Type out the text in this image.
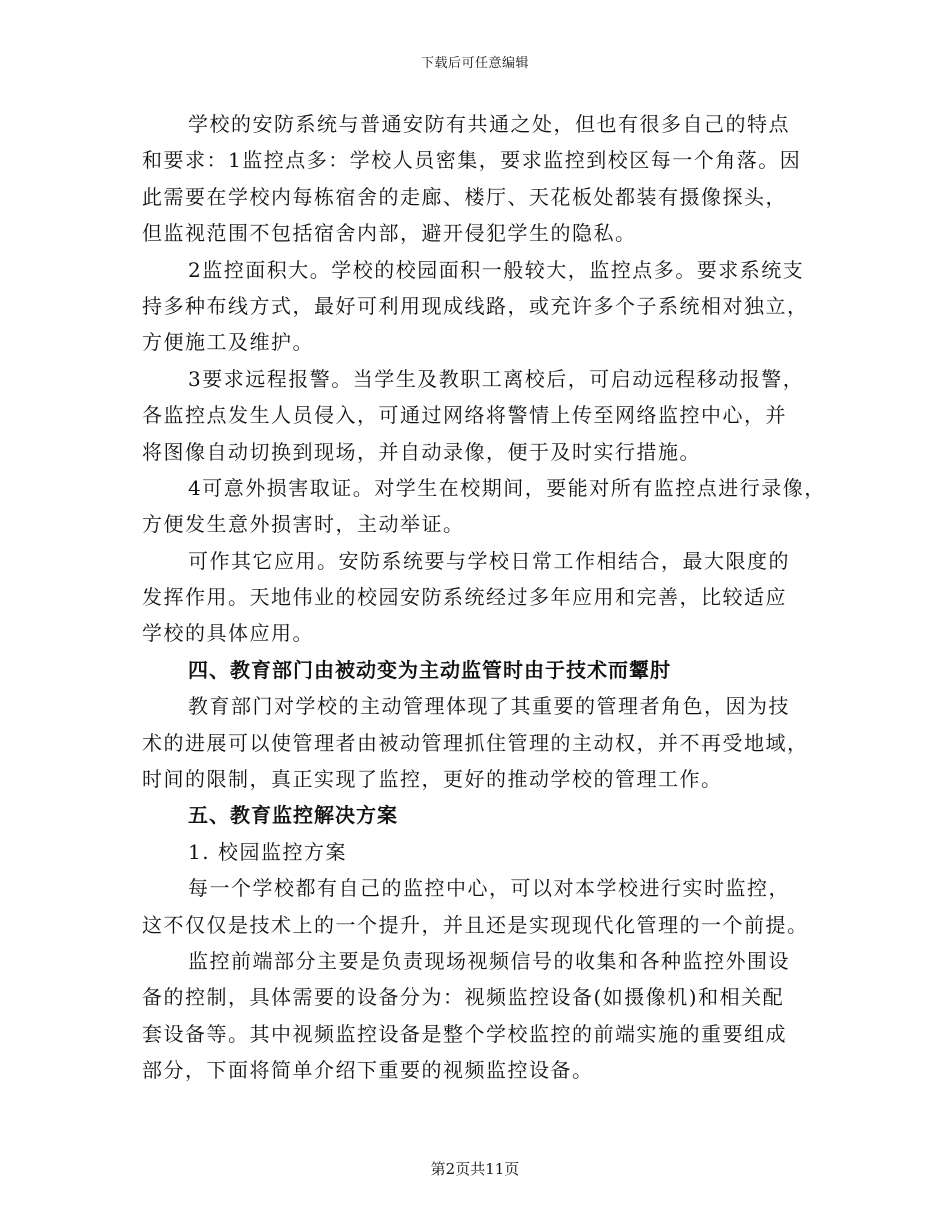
下载后可任意编辑
学校的安防系统与普通安防有共通之处，但也有很多自己的特点
和要求：1监控点多：学校人员密集，要求监控到校区每一个角落。因
此需要在学校内每栋宿舍的走廊、楼厅、天花板处都装有摄像探头，
但监视范围不包括宿舍内部，避开侵犯学生的隐私。
2监控面积大。学校的校园面积一般较大，监控点多。要求系统支
持多种布线方式，最好可利用现成线路，或充许多个子系统相对独立，
方便施工及维护。
3要求远程报警。当学生及教职工离校后，可启动远程移动报警，
各监控点发生人员侵入，可通过网络将警情上传至网络监控中心，并
将图像自动切换到现场，并自动录像，便于及时实行措施。
4可意外损害取证。对学生在校期间，要能对所有监控点进行录像，
方便发生意外损害时，主动举证。
可作其它应用。安防系统要与学校日常工作相结合，最大限度的
发挥作用。天地伟业的校园安防系统经过多年应用和完善，比较适应
学校的具体应用。
四、教育部门由被动变为主动监管时由于技术而颦肘
教育部门对学校的主动管理体现了其重要的管理者角色，因为技
术的进展可以使管理者由被动管理抓住管理的主动权，并不再受地域，
时间的限制，真正实现了监控，更好的推动学校的管理工作。
五、教育监控解决方案
1. 校园监控方案
每一个学校都有自己的监控中心，可以对本学校进行实时监控，
这不仅仅是技术上的一个提升，并且还是实现现代化管理的一个前提。
监控前端部分主要是负责现场视频信号的收集和各种监控外围设
备的控制，具体需要的设备分为：视频监控设备(如摄像机)和相关配
套设备等。其中视频监控设备是整个学校监控的前端实施的重要组成
部分，下面将简单介绍下重要的视频监控设备。
第2页共11页
